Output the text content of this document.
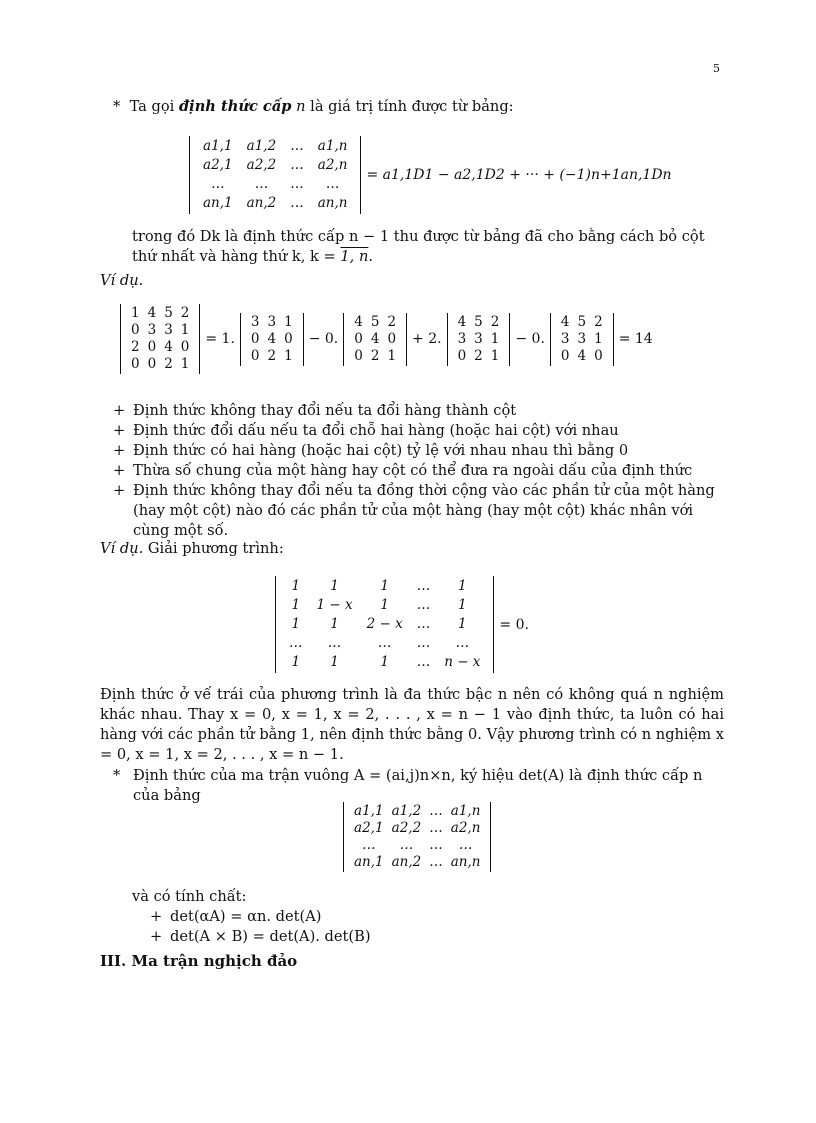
5
* Ta gọi định thức cấp n là giá trị tính được từ bảng:
a1,1	a1,2	…	a1,n
a2,1	a2,2	…	a2,n
…	…	…	…
an,1	an,2	…	an,n
= a1,1D1 − a2,1D2 + ··· + (−1)n+1an,1Dn
trong đó Dk là định thức cấp n − 1 thu được từ bảng đã cho bằng cách bỏ cột
thứ nhất và hàng thứ k, k = 1, n.
Ví dụ.
1	4	5	2
0	3	3	1
2	0	4	0
0	0	2	1
= 1.
3	3	1
0	4	0
0	2	1
− 0.
4	5	2
0	4	0
0	2	1
+ 2.
4	5	2
3	3	1
0	2	1
− 0.
4	5	2
3	3	1
0	4	0
= 14
+ Định thức không thay đổi nếu ta đổi hàng thành cột
+ Định thức đổi dấu nếu ta đổi chỗ hai hàng (hoặc hai cột) với nhau
+ Định thức có hai hàng (hoặc hai cột) tỷ lệ với nhau nhau thì bằng 0
+ Thừa số chung của một hàng hay cột có thể đưa ra ngoài dấu của định thức
+ Định thức không thay đổi nếu ta đồng thời cộng vào các phần tử của một hàng (hay một cột) nào đó các phần tử của một hàng (hay một cột) khác nhân với cùng một số.
Ví dụ. Giải phương trình:
1	1	1	…	1
1	1 − x	1	…	1
1	1	2 − x	…	1
…	…	…	…	…
1	1	1	…	n − x
= 0.
Định thức ở vế trái của phương trình là đa thức bậc n nên có không quá n nghiệm khác nhau. Thay x = 0, x = 1, x = 2, . . . , x = n − 1 vào định thức, ta luôn có hai hàng với các phần tử bằng 1, nên định thức bằng 0. Vậy phương trình có n nghiệm x = 0, x = 1, x = 2, . . . , x = n − 1.
* Định thức của ma trận vuông A = (ai,j)n×n, ký hiệu det(A) là định thức cấp n của bảng
a1,1	a1,2	…	a1,n
a2,1	a2,2	…	a2,n
…	…	…	…
an,1	an,2	…	an,n
và có tính chất:
+ det(αA) = αn. det(A)
+ det(A × B) = det(A). det(B)
III. Ma trận nghịch đảo
